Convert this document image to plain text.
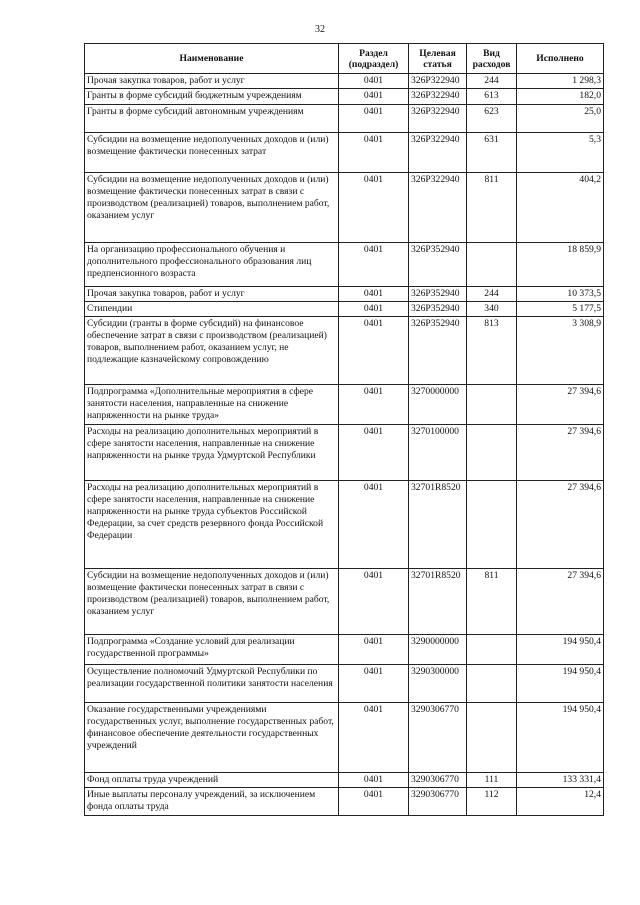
32
Наименование	Раздел (подраздел)	Целевая статья	Вид расходов	Исполнено
Прочая закупка товаров, работ и услуг	0401	326P322940	244	1 298,3
Гранты в форме субсидий бюджетным учреждениям	0401	326P322940	613	182,0
Гранты в форме субсидий автономным учреждениям	0401	326P322940	623	25,0
Субсидии на возмещение недополученных доходов и (или) возмещение фактически понесенных затрат	0401	326P322940	631	5,3
Субсидии на возмещение недополученных доходов и (или) возмещение фактически понесенных затрат в связи с производством (реализацией) товаров, выполнением работ, оказанием услуг	0401	326P322940	811	404,2
На организацию профессионального обучения и дополнительного профессионального образования лиц предпенсионного возраста	0401	326P352940		18 859,9
Прочая закупка товаров, работ и услуг	0401	326P352940	244	10 373,5
Стипендии	0401	326P352940	340	5 177,5
Субсидии (гранты в форме субсидий) на финансовое обеспечение затрат в связи с производством (реализацией) товаров, выполнением работ, оказанием услуг, не подлежащие казначейскому сопровождению	0401	326P352940	813	3 308,9
Подпрограмма «Дополнительные мероприятия в сфере занятости населения, направленные на снижение напряженности на рынке труда»	0401	3270000000		27 394,6
Расходы на реализацию дополнительных мероприятий в сфере занятости населения, направленные на снижение напряженности на рынке труда Удмуртской Республики	0401	3270100000		27 394,6
Расходы на реализацию дополнительных мероприятий в сфере занятости населения, направленные на снижение напряженности на рынке труда субъектов Российской Федерации, за счет средств резервного фонда Российской Федерации	0401	32701R8520		27 394,6
Субсидии на возмещение недополученных доходов и (или) возмещение фактически понесенных затрат в связи с производством (реализацией) товаров, выполнением работ, оказанием услуг	0401	32701R8520	811	27 394,6
Подпрограмма «Создание условий для реализации государственной программы»	0401	3290000000		194 950,4
Осуществление полномочий Удмуртской Республики по реализации государственной политики занятости населения	0401	3290300000		194 950,4
Оказание государственными учреждениями государственных услуг, выполнение государственных работ, финансовое обеспечение деятельности государственных учреждений	0401	3290306770		194 950,4
Фонд оплаты труда учреждений	0401	3290306770	111	133 331,4
Иные выплаты персоналу учреждений, за исключением фонда оплаты труда	0401	3290306770	112	12,4
